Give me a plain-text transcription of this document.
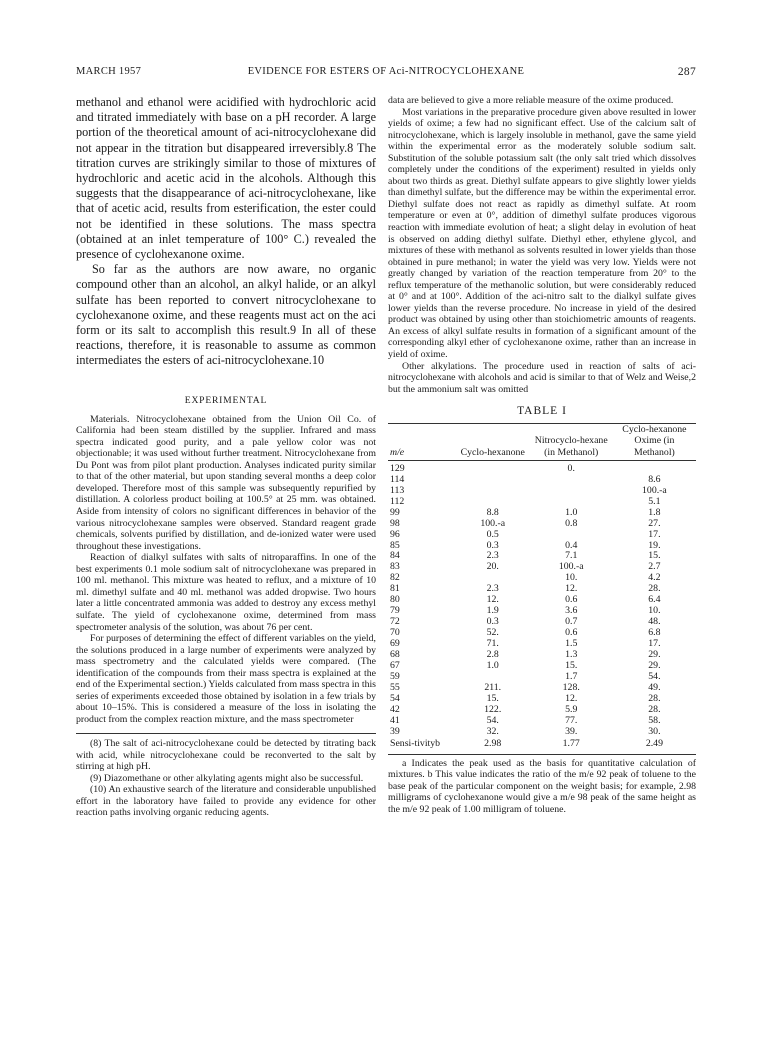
MARCH 1957	EVIDENCE FOR ESTERS OF Aci-NITROCYCLOHEXANE	287

methanol and ethanol were acidified with hydrochloric acid and titrated immediately with base on a pH recorder. A large portion of the theoretical amount of aci-nitrocyclohexane did not appear in the titration but disappeared irreversibly.8 The titration curves are strikingly similar to those of mixtures of hydrochloric and acetic acid in the alcohols. Although this suggests that the disappearance of aci-nitrocyclohexane, like that of acetic acid, results from esterification, the ester could not be identified in these solutions. The mass spectra (obtained at an inlet temperature of 100° C.) revealed the presence of cyclohexanone oxime.

So far as the authors are now aware, no organic compound other than an alcohol, an alkyl halide, or an alkyl sulfate has been reported to convert nitrocyclohexane to cyclohexanone oxime, and these reagents must act on the aci form or its salt to accomplish this result.9 In all of these reactions, therefore, it is reasonable to assume as common intermediates the esters of aci-nitrocyclohexane.10

EXPERIMENTAL

Materials. Nitrocyclohexane obtained from the Union Oil Co. of California had been steam distilled by the supplier. Infrared and mass spectra indicated good purity, and a pale yellow color was not objectionable; it was used without further treatment. Nitrocyclohexane from Du Pont was from pilot plant production. Analyses indicated purity similar to that of the other material, but upon standing several months a deep color developed. Therefore most of this sample was subsequently repurified by distillation. A colorless product boiling at 100.5° at 25 mm. was obtained. Aside from intensity of colors no significant differences in behavior of the various nitrocyclohexane samples were observed. Standard reagent grade chemicals, solvents purified by distillation, and de-ionized water were used throughout these investigations.

Reaction of dialkyl sulfates with salts of nitroparaffins. In one of the best experiments 0.1 mole sodium salt of nitrocyclohexane was prepared in 100 ml. methanol. This mixture was heated to reflux, and a mixture of 10 ml. dimethyl sulfate and 40 ml. methanol was added dropwise. Two hours later a little concentrated ammonia was added to destroy any excess methyl sulfate. The yield of cyclohexanone oxime, determined from mass spectrometer analysis of the solution, was about 76 per cent.

For purposes of determining the effect of different variables on the yield, the solutions produced in a large number of experiments were analyzed by mass spectrometry and the calculated yields were compared. (The identification of the compounds from their mass spectra is explained at the end of the Experimental section.) Yields calculated from mass spectra in this series of experiments exceeded those obtained by isolation in a few trials by about 10–15%. This is considered a measure of the loss in isolating the product from the complex reaction mixture, and the mass spectrometer

(8) The salt of aci-nitrocyclohexane could be detected by titrating back with acid, while nitrocyclohexane could be reconverted to the salt by stirring at high pH.

(9) Diazomethane or other alkylating agents might also be successful.

(10) An exhaustive search of the literature and considerable unpublished effort in the laboratory have failed to provide any evidence for other reaction paths involving organic reducing agents.

data are believed to give a more reliable measure of the oxime produced.

Most variations in the preparative procedure given above resulted in lower yields of oxime; a few had no significant effect. Use of the calcium salt of nitrocyclohexane, which is largely insoluble in methanol, gave the same yield within the experimental error as the moderately soluble sodium salt. Substitution of the soluble potassium salt (the only salt tried which dissolves completely under the conditions of the experiment) resulted in yields only about two thirds as great. Diethyl sulfate appears to give slightly lower yields than dimethyl sulfate, but the difference may be within the experimental error. Diethyl sulfate does not react as rapidly as dimethyl sulfate. At room temperature or even at 0°, addition of dimethyl sulfate produces vigorous reaction with immediate evolution of heat; a slight delay in evolution of heat is observed on adding diethyl sulfate. Diethyl ether, ethylene glycol, and mixtures of these with methanol as solvents resulted in lower yields than those obtained in pure methanol; in water the yield was very low. Yields were not greatly changed by variation of the reaction temperature from 20° to the reflux temperature of the methanolic solution, but were considerably reduced at 0° and at 100°. Addition of the aci-nitro salt to the dialkyl sulfate gives lower yields than the reverse procedure. No increase in yield of the desired product was obtained by using other than stoichiometric amounts of reagents. An excess of alkyl sulfate results in formation of a significant amount of the corresponding alkyl ether of cyclohexanone oxime, rather than an increase in yield of oxime.

Other alkylations. The procedure used in reaction of salts of aci-nitrocyclohexane with alcohols and acid is similar to that of Welz and Weise,2 but the ammonium salt was omitted

TABLE I
m/e	Cyclo-hexanone	Nitrocyclo-hexane (in Methanol)	Cyclo-hexanone Oxime (in Methanol)
129		0.	
114			8.6
113			100.-a
112			5.1
99	8.8	1.0	1.8
98	100.-a	0.8	27.
96	0.5		17.
85	0.3	0.4	19.
84	2.3	7.1	15.
83	20.	100.-a	2.7
82		10.	4.2
81	2.3	12.	28.
80	12.	0.6	6.4
79	1.9	3.6	10.
72	0.3	0.7	48.
70	52.	0.6	6.8
69	71.	1.5	17.
68	2.8	1.3	29.
67	1.0	15.	29.
59		1.7	54.
55	211.	128.	49.
54	15.	12.	28.
42	122.	5.9	28.
41	54.	77.	58.
39	32.	39.	30.
Sensi-tivityb	2.98	1.77	2.49

a Indicates the peak used as the basis for quantitative calculation of mixtures. b This value indicates the ratio of the m/e 92 peak of toluene to the base peak of the particular component on the weight basis; for example, 2.98 milligrams of cyclohexanone would give a m/e 98 peak of the same height as the m/e 92 peak of 1.00 milligram of toluene.
